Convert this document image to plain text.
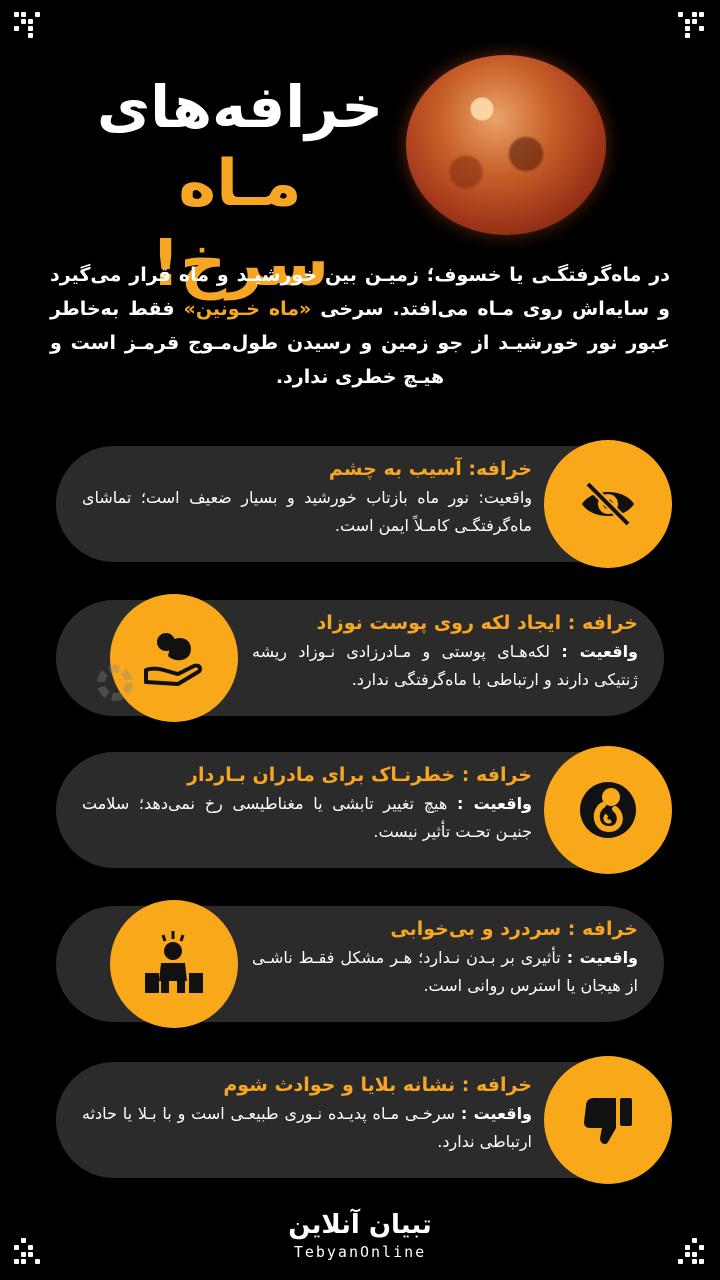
خرافه‌های
مـاه سرخ!
در ماه‌گرفتگـی یا خسوف؛ زمیـن بین خورشیـد و ماه قرار می‌گیرد و سایه‌اش روی مـاه می‌افتد. سرخی «ماه خـونین» فقط به‌خاطر عبور نور خورشیـد از جو زمین و رسیدن طول‌مـوج قرمـز است و هیـچ خطری ندارد.
خرافه: آسیب به چشم
واقعیت: نور ماه بازتاب خورشید و بسیار ضعیف است؛ تماشای ماه‌گرفتگـی کامـلاً ایمن است.
خرافه : ایجاد لکه روی پوست نوزاد
واقعیت : لکه‌هـای پوستی و مـادرزادی نـوزاد ریشه ژنتیکی دارند و ارتباطی با ماه‌گرفتگی ندارد.
خرافه : خطرنـاک برای مادران بـاردار
واقعیت : هیچ تغییر تابشی یا مغناطیسی رخ نمی‌دهد؛ سلامت جنیـن تحـت تأثیر نیست.
خرافه : سردرد و بی‌خوابی
واقعیت : تأثیری بر بـدن نـدارد؛ هـر مشکل فقـط ناشـی از هیجان یا استرس روانی است.
خرافه : نشانه بلایا و حوادث شوم
واقعیت : سرخـی مـاه پدیـده نـوری طبیعـی است و با بـلا یا حادثه ارتباطی ندارد.
تبیان آنلاین
TebyanOnline
